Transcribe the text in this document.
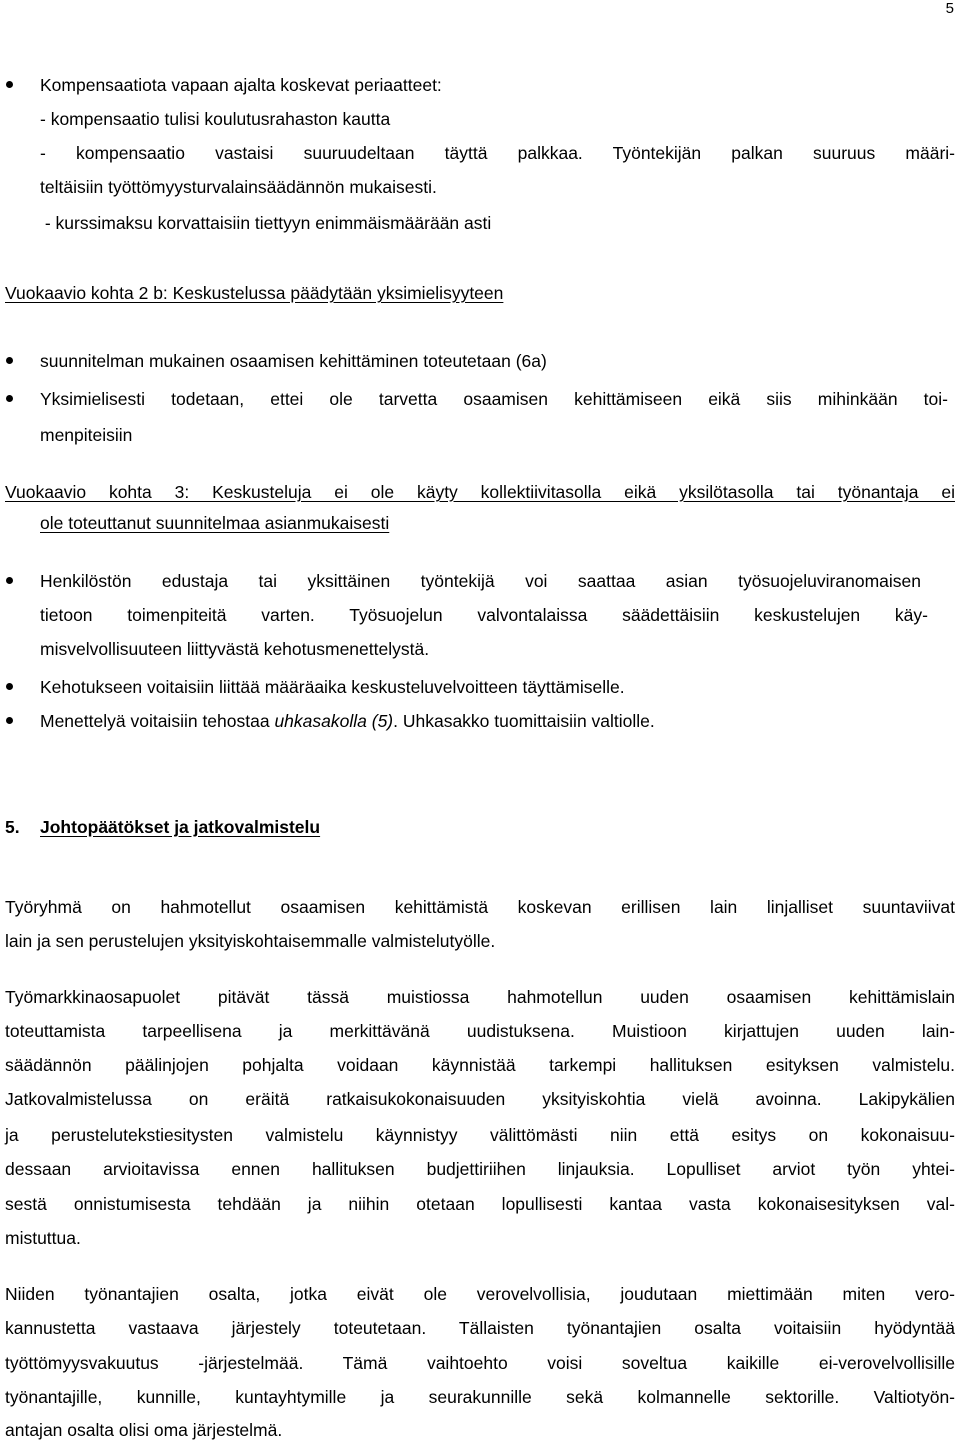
5
Kompensaatiota vapaan ajalta koskevat periaatteet:
- kompensaatio tulisi koulutusrahaston kautta
- kompensaatio vastaisi suuruudeltaan täyttä palkkaa. Työntekijän palkan suuruus määri-
teltäisiin työttömyysturvalainsäädännön mukaisesti.
- kurssimaksu korvattaisiin tiettyyn enimmäismäärään asti
Vuokaavio kohta 2 b: Keskustelussa päädytään yksimielisyyteen
suunnitelman mukainen osaamisen kehittäminen toteutetaan (6a)
Yksimielisesti todetaan, ettei ole tarvetta osaamisen kehittämiseen eikä siis mihinkään toi-
menpiteisiin
Vuokaavio kohta 3: Keskusteluja ei ole käyty kollektiivitasolla eikä yksilötasolla tai työnantaja ei
ole toteuttanut suunnitelmaa asianmukaisesti
Henkilöstön edustaja tai yksittäinen työntekijä voi saattaa asian työsuojeluviranomaisen
tietoon toimenpiteitä varten. Työsuojelun valvontalaissa säädettäisiin keskustelujen käy-
misvelvollisuuteen liittyvästä kehotusmenettelystä.
Kehotukseen voitaisiin liittää määräaika keskusteluvelvoitteen täyttämiselle.
Menettelyä voitaisiin tehostaa uhkasakolla (5). Uhkasakko tuomittaisiin valtiolle.
5. Johtopäätökset ja jatkovalmistelu
Työryhmä on hahmotellut osaamisen kehittämistä koskevan erillisen lain linjalliset suuntaviivat
lain ja sen perustelujen yksityiskohtaisemmalle valmistelutyölle.
Työmarkkinaosapuolet pitävät tässä muistiossa hahmotellun uuden osaamisen kehittämislain
toteuttamista tarpeellisena ja merkittävänä uudistuksena. Muistioon kirjattujen uuden lain-
säädännön päälinjojen pohjalta voidaan käynnistää tarkempi hallituksen esityksen valmistelu.
Jatkovalmistelussa on eräitä ratkaisukokonaisuuden yksityiskohtia vielä avoinna. Lakipykälien
ja perustelutekstiesitysten valmistelu käynnistyy välittömästi niin että esitys on kokonaisuu-
dessaan arvioitavissa ennen hallituksen budjettiriihen linjauksia. Lopulliset arviot työn yhtei-
sestä onnistumisesta tehdään ja niihin otetaan lopullisesti kantaa vasta kokonaisesityksen val-
mistuttua.
Niiden työnantajien osalta, jotka eivät ole verovelvollisia, joudutaan miettimään miten vero-
kannustetta vastaava järjestely toteutetaan. Tällaisten työnantajien osalta voitaisiin hyödyntää
työttömyysvakuutus -järjestelmää. Tämä vaihtoehto voisi soveltua kaikille ei-verovelvollisille
työnantajille, kunnille, kuntayhtymille ja seurakunnille sekä kolmannelle sektorille. Valtiotyön-
antajan osalta olisi oma järjestelmä.
